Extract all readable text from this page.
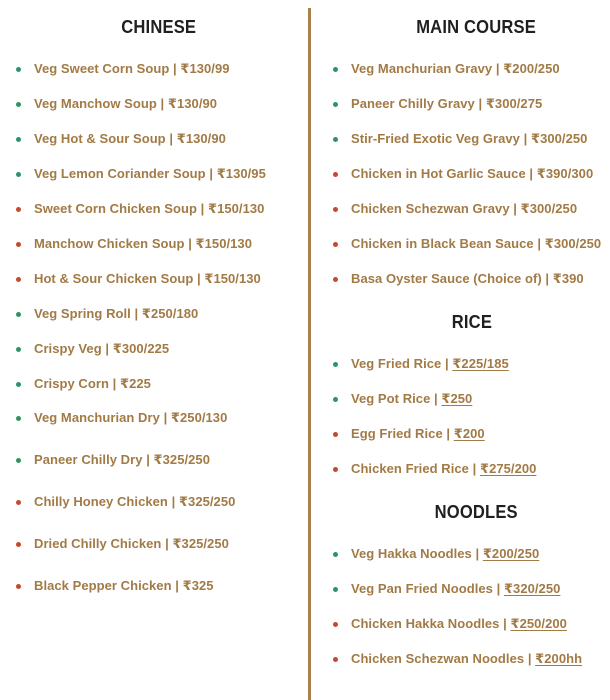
CHINESE
Veg Sweet Corn Soup | ₹130/99
Veg Manchow Soup | ₹130/90
Veg Hot & Sour Soup | ₹130/90
Veg Lemon Coriander Soup | ₹130/95
Sweet Corn Chicken Soup | ₹150/130
Manchow Chicken Soup | ₹150/130
Hot & Sour Chicken Soup | ₹150/130
Veg Spring Roll | ₹250/180
Crispy Veg | ₹300/225
Crispy Corn | ₹225
Veg Manchurian Dry | ₹250/130
Paneer Chilly Dry | ₹325/250
Chilly Honey Chicken | ₹325/250
Dried Chilly Chicken | ₹325/250
Black Pepper Chicken | ₹325
MAIN COURSE
Veg Manchurian Gravy | ₹200/250
Paneer Chilly Gravy | ₹300/275
Stir-Fried Exotic Veg Gravy | ₹300/250
Chicken in Hot Garlic Sauce | ₹390/300
Chicken Schezwan Gravy | ₹300/250
Chicken in Black Bean Sauce | ₹300/250
Basa Oyster Sauce (Choice of) | ₹390
RICE
Veg Fried Rice | ₹225/185
Veg Pot Rice | ₹250
Egg Fried Rice | ₹200
Chicken Fried Rice | ₹275/200
NOODLES
Veg Hakka Noodles | ₹200/250
Veg Pan Fried Noodles | ₹320/250
Chicken Hakka Noodles | ₹250/200
Chicken Schezwan Noodles | ₹200hh
